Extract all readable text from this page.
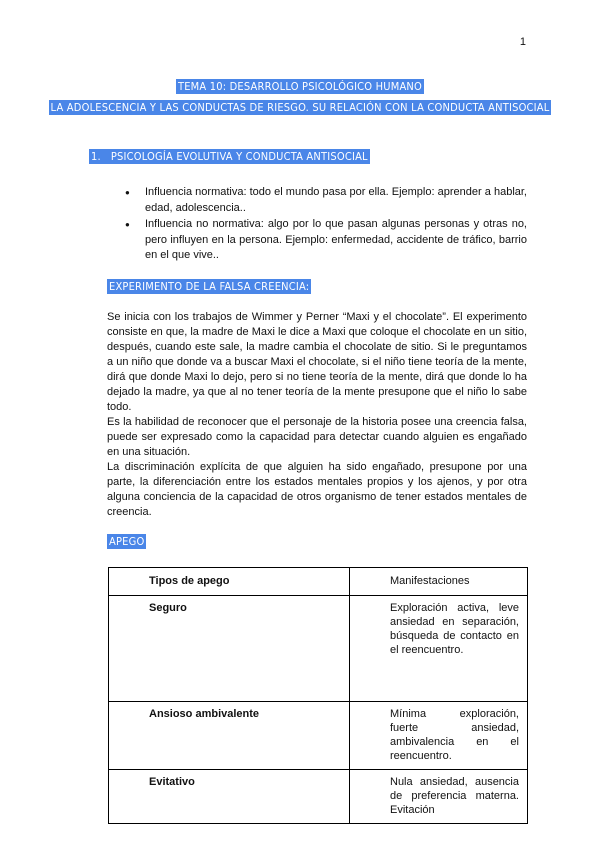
1
TEMA 10: DESARROLLO PSICOLÓGICO HUMANO
LA ADOLESCENCIA Y LAS CONDUCTAS DE RIESGO. SU RELACIÓN CON LA CONDUCTA ANTISOCIAL
1. PSICOLOGÍA EVOLUTIVA Y CONDUCTA ANTISOCIAL
● Influencia normativa: todo el mundo pasa por ella. Ejemplo: aprender a hablar, edad, adolescencia..
● Influencia no normativa: algo por lo que pasan algunas personas y otras no, pero influyen en la persona. Ejemplo: enfermedad, accidente de tráfico, barrio en el que vive..
EXPERIMENTO DE LA FALSA CREENCIA:

Se inicia con los trabajos de Wimmer y Perner “Maxi y el chocolate”. El experimento consiste en que, la madre de Maxi le dice a Maxi que coloque el chocolate en un sitio, después, cuando este sale, la madre cambia el chocolate de sitio. Si le preguntamos a un niño que donde va a buscar Maxi el chocolate, si el niño tiene teoría de la mente, dirá que donde Maxi lo dejo, pero si no tiene teoría de la mente, dirá que donde lo ha dejado la madre, ya que al no tener teoría de la mente presupone que el niño lo sabe todo.

Es la habilidad de reconocer que el personaje de la historia posee una creencia falsa, puede ser expresado como la capacidad para detectar cuando alguien es engañado en una situación.

La discriminación explícita de que alguien ha sido engañado, presupone por una parte, la diferenciación entre los estados mentales propios y los ajenos, y por otra alguna conciencia de la capacidad de otros organismo de tener estados mentales de creencia.

APEGO
Tipos de apego	Manifestaciones
Seguro	Exploración activa, leve ansiedad en separación, búsqueda de contacto en el reencuentro.
Ansioso ambivalente	Mínima exploración, fuerte ansiedad, ambivalencia en el reencuentro.
Evitativo	Nula ansiedad, ausencia de preferencia materna. Evitación
